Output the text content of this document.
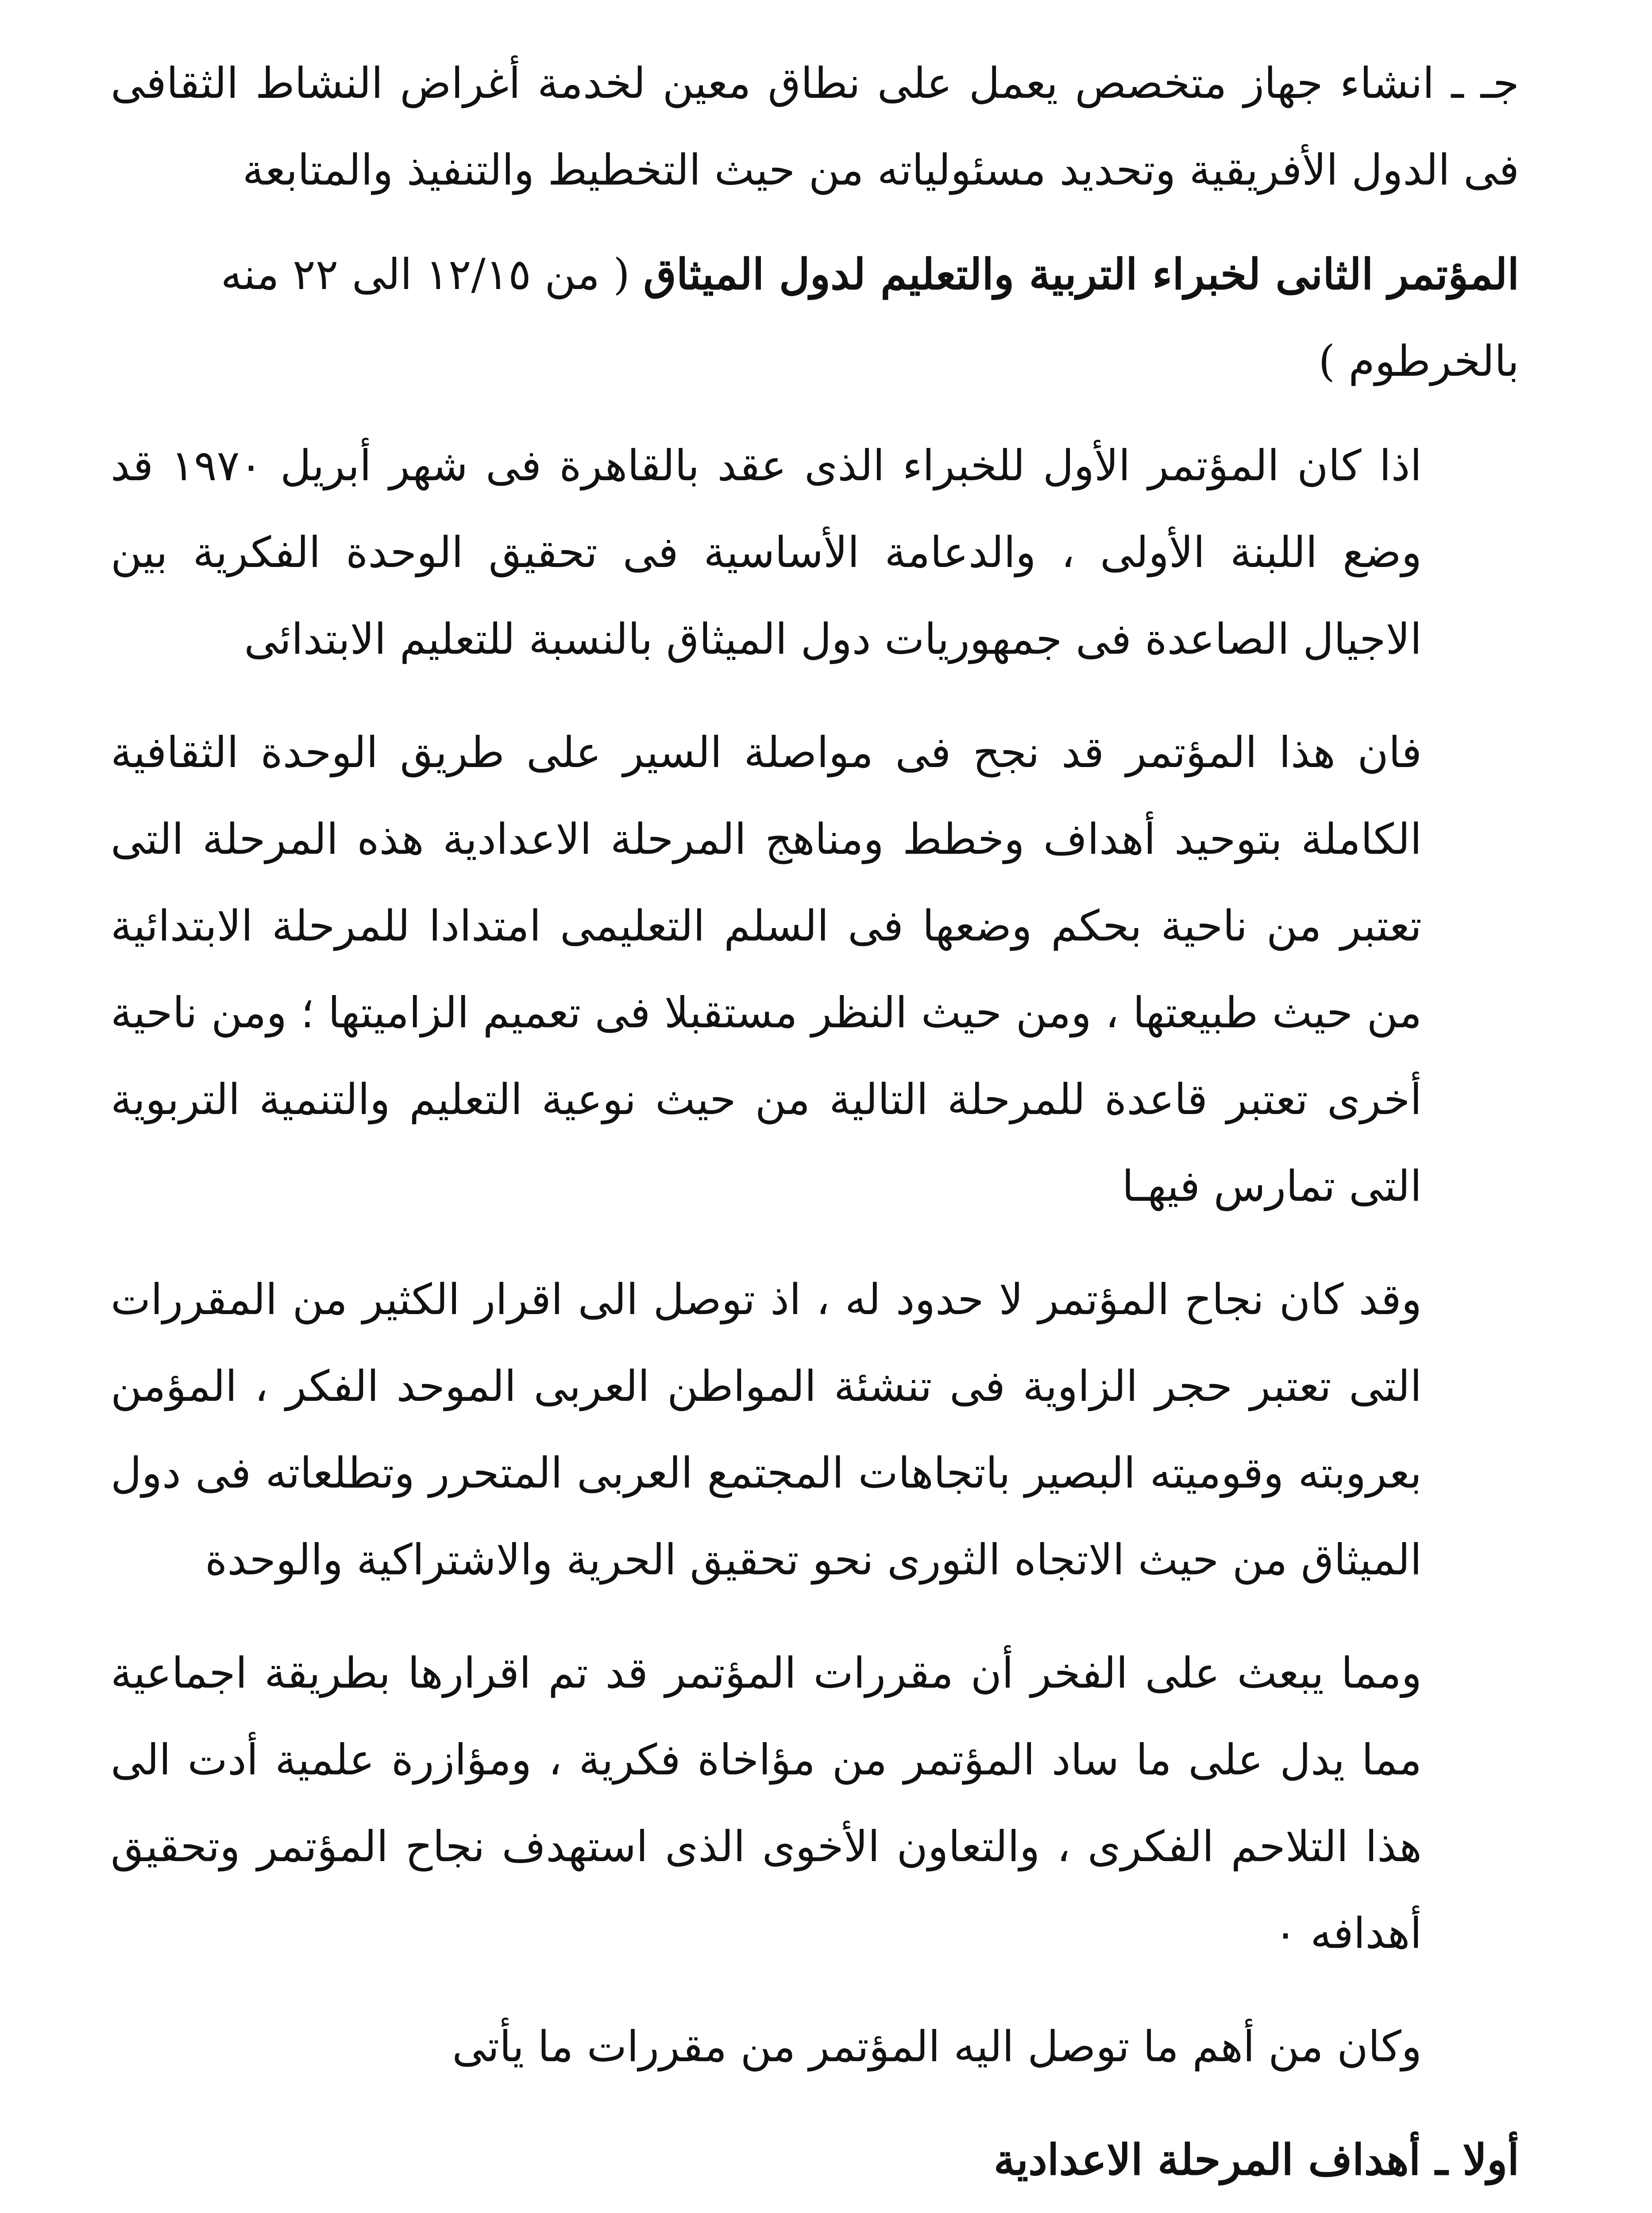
جـ ـ انشاء جهاز متخصص يعمل على نطاق معين لخدمة أغراض النشاط الثقافى فى الدول الأفريقية وتحديد مسئولياته من حيث التخطيط والتنفيذ والمتابعة

المؤتمر الثانى لخبراء التربية والتعليم لدول الميثاق ( من ١٢/١٥ الى ٢٢ منه بالخرطوم )

اذا كان المؤتمر الأول للخبراء الذى عقد بالقاهرة فى شهر أبريل ١٩٧٠ قد وضع اللبنة الأولى ، والدعامة الأساسية فى تحقيق الوحدة الفكرية بين الاجيال الصاعدة فى جمهوريات دول الميثاق بالنسبة للتعليم الابتدائى

فان هذا المؤتمر قد نجح فى مواصلة السير على طريق الوحدة الثقافية الكاملة بتوحيد أهداف وخطط ومناهج المرحلة الاعدادية هذه المرحلة التى تعتبر من ناحية بحكم وضعها فى السلم التعليمى امتدادا للمرحلة الابتدائية من حيث طبيعتها ، ومن حيث النظر مستقبلا فى تعميم الزاميتها ؛ ومن ناحية أخرى تعتبر قاعدة للمرحلة التالية من حيث نوعية التعليم والتنمية التربوية التى تمارس فيهـا

وقد كان نجاح المؤتمر لا حدود له ، اذ توصل الى اقرار الكثير من المقررات التى تعتبر حجر الزاوية فى تنشئة المواطن العربى الموحد الفكر ، المؤمن بعروبته وقوميته البصير باتجاهات المجتمع العربى المتحرر وتطلعاته فى دول الميثاق من حيث الاتجاه الثورى نحو تحقيق الحرية والاشتراكية والوحدة

ومما يبعث على الفخر أن مقررات المؤتمر قد تم اقرارها بطريقة اجماعية مما يدل على ما ساد المؤتمر من مؤاخاة فكرية ، ومؤازرة علمية أدت الى هذا التلاحم الفكرى ، والتعاون الأخوى الذى استهدف نجاح المؤتمر وتحقيق أهدافه ٠

وكان من أهم ما توصل اليه المؤتمر من مقررات ما يأتى

أولا ـ أهداف المرحلة الاعدادية
